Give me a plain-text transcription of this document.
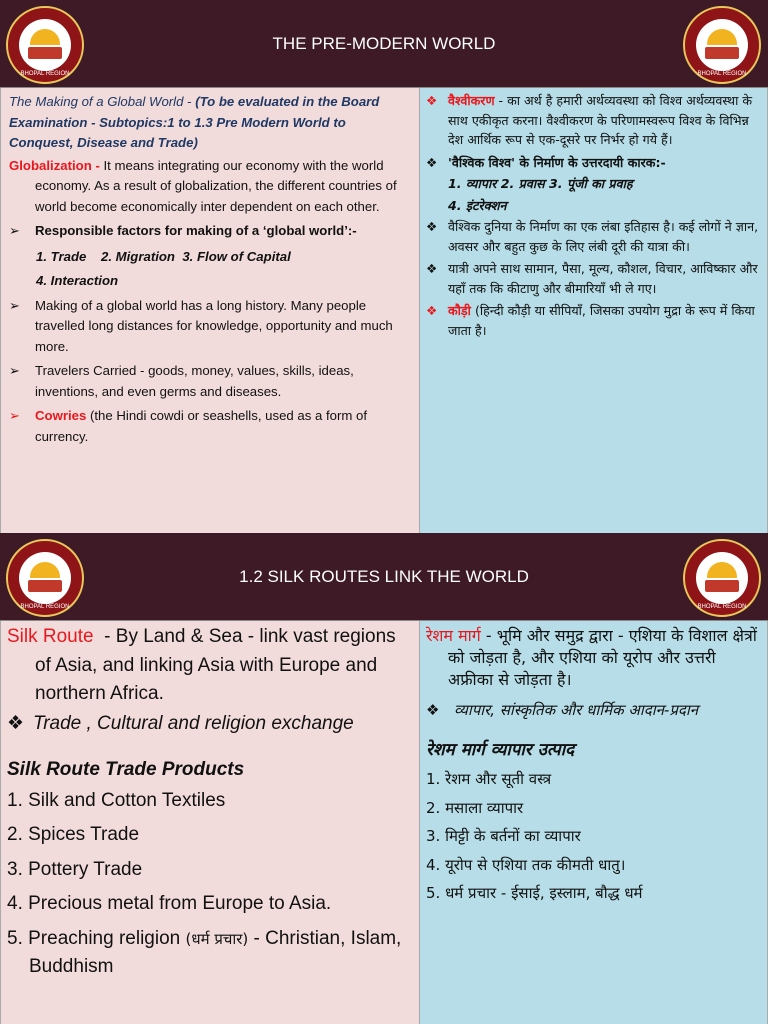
THE PRE-MODERN WORLD
BHOPAL REGION	BHOPAL REGION

The Making of a Global World - (To be evaluated in the Board Examination - Subtopics:1 to 1.3 Pre Modern World to Conquest, Disease and Trade)

Globalization - It means integrating our economy with the world economy. As a result of globalization, the different countries of world become economically inter dependent on each other.

➢ Responsible factors for making of a ‘global world’:-
1. Trade    2. Migration  3. Flow of Capital
4. Interaction
➢ Making of a global world has a long history. Many people travelled long distances for knowledge, opportunity and much more.
➢ Travelers Carried - goods, money, values, skills, ideas, inventions, and even germs and diseases.
➢ Cowries (the Hindi cowdi or seashells, used as a form of currency.
❖ वैश्वीकरण - का अर्थ है हमारी अर्थव्यवस्था को विश्व अर्थव्यवस्था के साथ एकीकृत करना। वैश्वीकरण के परिणामस्वरूप विश्व के विभिन्न देश आर्थिक रूप से एक-दूसरे पर निर्भर हो गये हैं।
❖ 'वैश्विक विश्व' के निर्माण के उत्तरदायी कारक:-
1. व्यापार 2. प्रवास 3. पूंजी का प्रवाह
4. इंटरेक्शन
❖ वैश्विक दुनिया के निर्माण का एक लंबा इतिहास है। कई लोगों ने ज्ञान, अवसर और बहुत कुछ के लिए लंबी दूरी की यात्रा की।
❖ यात्री अपने साथ सामान, पैसा, मूल्य, कौशल, विचार, आविष्कार और यहाँ तक कि कीटाणु और बीमारियाँ भी ले गए।
❖ कौड़ी (हिन्दी कौड़ी या सीपियाँ, जिसका उपयोग मुद्रा के रूप में किया जाता है।
1.2 SILK ROUTES LINK THE WORLD
BHOPAL REGION	BHOPAL REGION
Silk Route  - By Land & Sea - link vast regions of Asia, and linking Asia with Europe and northern Africa.
❖ Trade , Cultural and religion exchange
Silk Route Trade Products
1. Silk and Cotton Textiles
2. Spices Trade
3. Pottery Trade
4. Precious metal from Europe to Asia.
5. Preaching religion (धर्म प्रचार) - Christian, Islam, Buddhism
रेशम मार्ग - भूमि और समुद्र द्वारा - एशिया के विशाल क्षेत्रों को जोड़ता है, और एशिया को यूरोप और उत्तरी अफ्रीका से जोड़ता है।
❖ व्यापार, सांस्कृतिक और धार्मिक आदान-प्रदान
रेशम मार्ग व्यापार उत्पाद
1. रेशम और सूती वस्त्र
2. मसाला व्यापार
3. मिट्टी के बर्तनों का व्यापार
4. यूरोप से एशिया तक कीमती धातु।
5. धर्म प्रचार - ईसाई, इस्लाम, बौद्ध धर्म
